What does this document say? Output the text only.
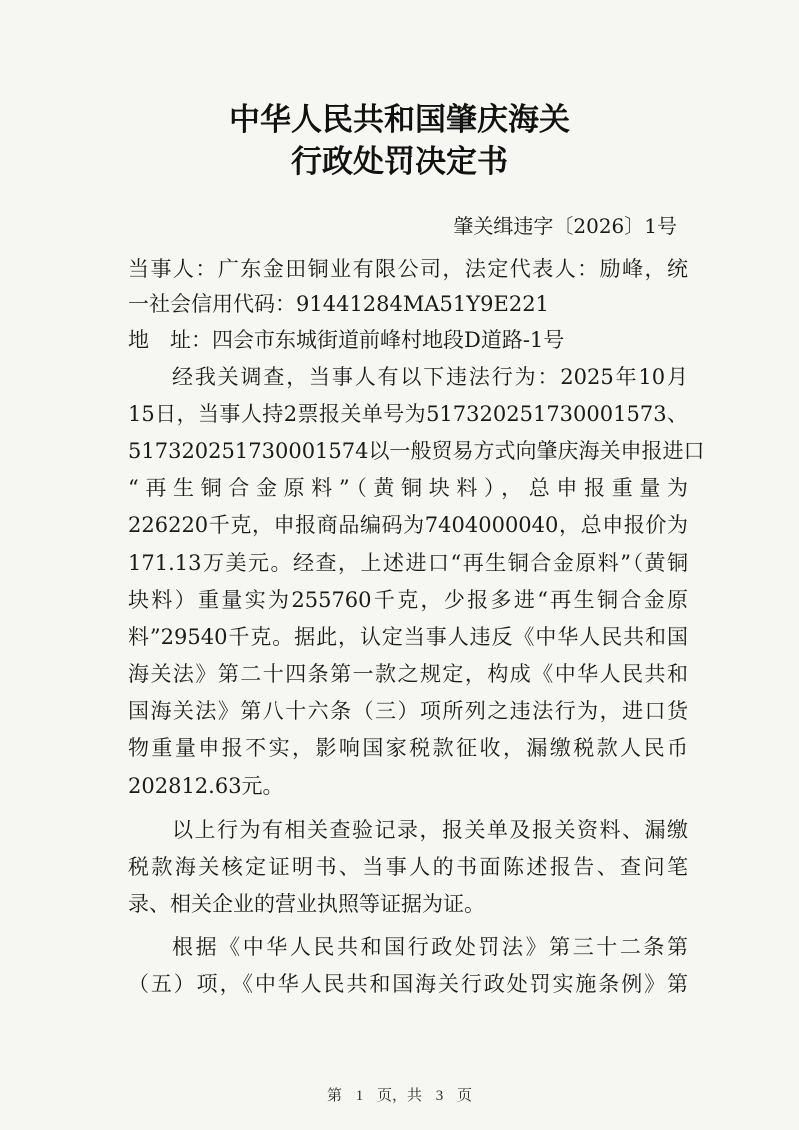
中华人民共和国肇庆海关
行政处罚决定书
肇关缉违字〔2026〕1号
当事人：广东金田铜业有限公司，法定代表人：励峰，统
一社会信用代码：91441284MA51Y9E221
地　址：四会市东城街道前峰村地段D道路-1号
经我关调查，当事人有以下违法行为：2025年10月
15日，当事人持2票报关单号为517320251730001573、
517320251730001574以一般贸易方式向肇庆海关申报进口
“再生铜合金原料”（黄铜块料），总申报重量为
226220千克，申报商品编码为7404000040，总申报价为
171.13万美元。经查，上述进口“再生铜合金原料”（黄铜
块料）重量实为255760千克，少报多进“再生铜合金原
料”29540千克。据此，认定当事人违反《中华人民共和国
海关法》第二十四条第一款之规定，构成《中华人民共和
国海关法》第八十六条（三）项所列之违法行为，进口货
物重量申报不实，影响国家税款征收，漏缴税款人民币
202812.63元。
以上行为有相关查验记录，报关单及报关资料、漏缴
税款海关核定证明书、当事人的书面陈述报告、查问笔
录、相关企业的营业执照等证据为证。
根据《中华人民共和国行政处罚法》第三十二条第
（五）项，《中华人民共和国海关行政处罚实施条例》第
第 1 页，共 3 页
